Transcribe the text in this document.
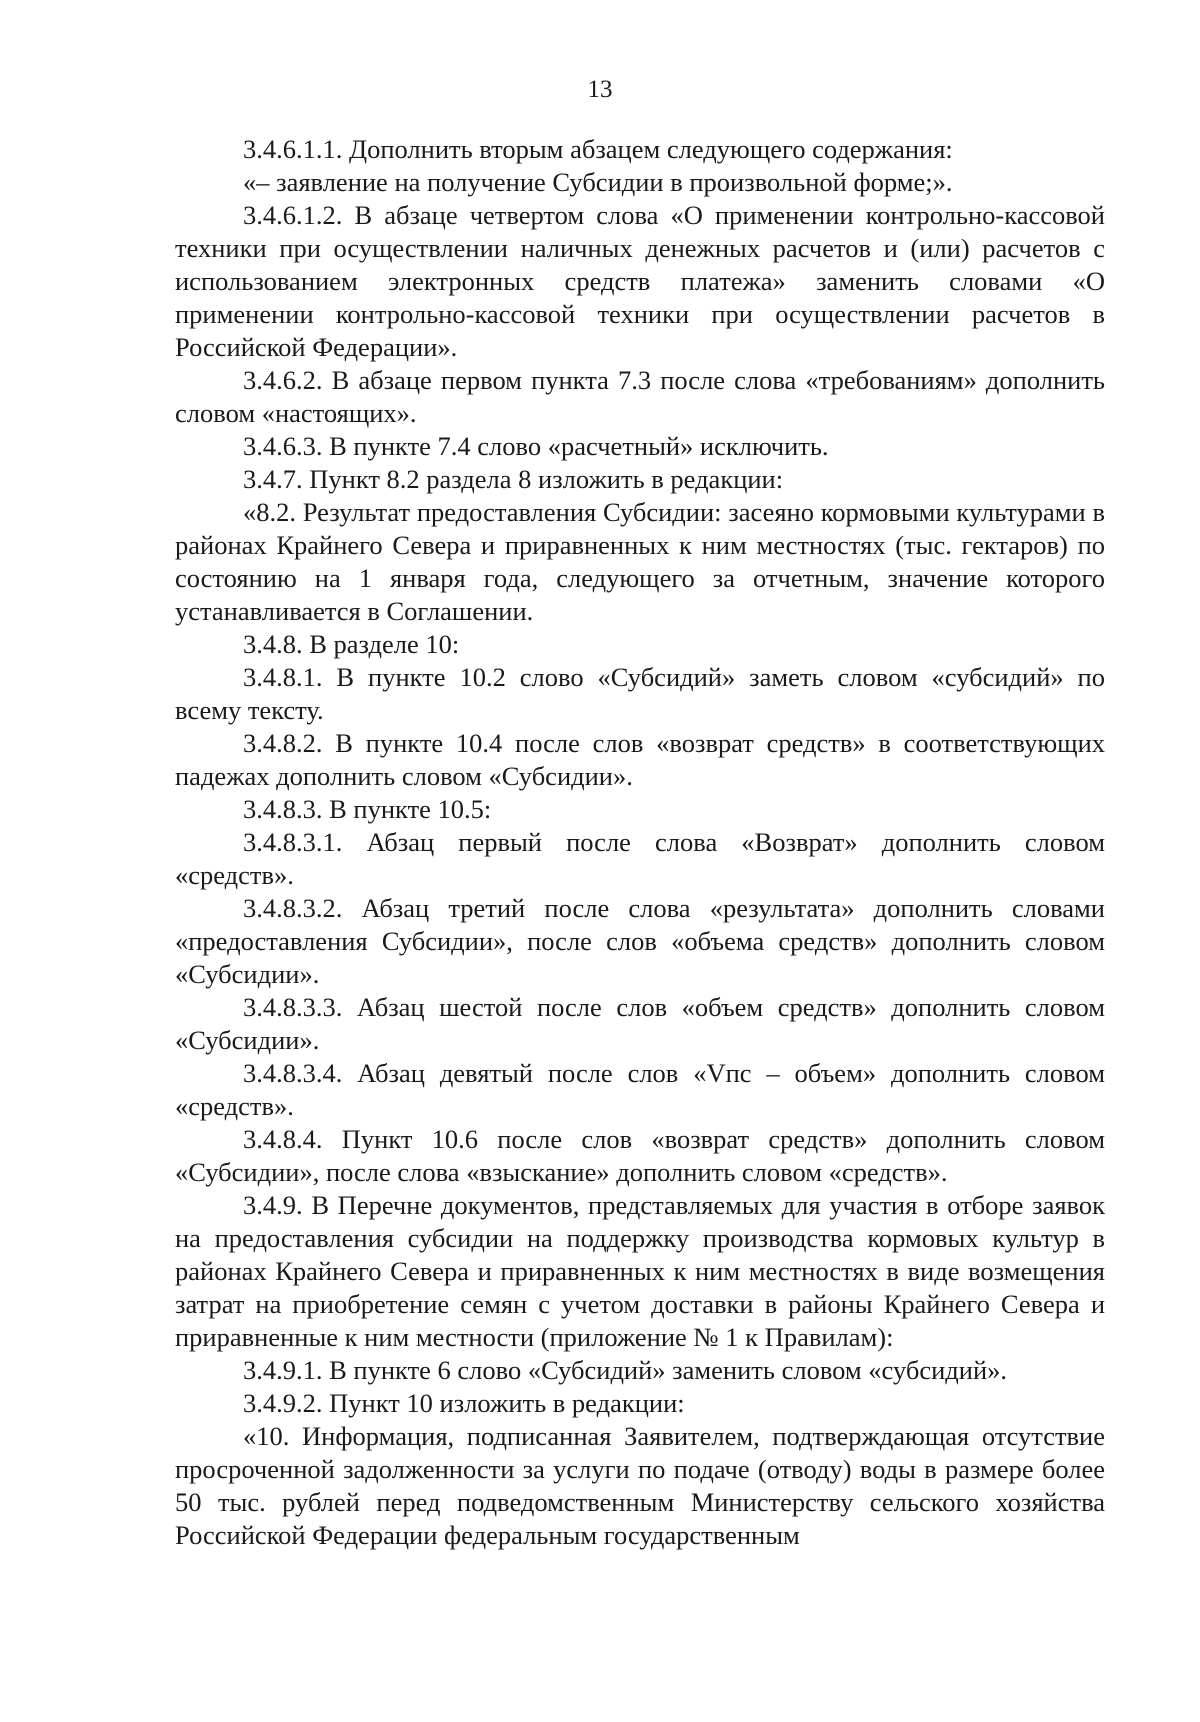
13

3.4.6.1.1. Дополнить вторым абзацем следующего содержания:

«– заявление на получение Субсидии в произвольной форме;».

3.4.6.1.2. В абзаце четвертом слова «О применении контрольно-кассовой техники при осуществлении наличных денежных расчетов и (или) расчетов с использованием электронных средств платежа» заменить словами «О применении контрольно-кассовой техники при осуществлении расчетов в Российской Федерации».

3.4.6.2. В абзаце первом пункта 7.3 после слова «требованиям» дополнить словом «настоящих».

3.4.6.3. В пункте 7.4 слово «расчетный» исключить.

3.4.7. Пункт 8.2 раздела 8 изложить в редакции:

«8.2. Результат предоставления Субсидии: засеяно кормовыми культурами в районах Крайнего Севера и приравненных к ним местностях (тыс. гектаров) по состоянию на 1 января года, следующего за отчетным, значение которого устанавливается в Соглашении.

3.4.8. В разделе 10:

3.4.8.1. В пункте 10.2 слово «Субсидий» заметь словом «субсидий» по всему тексту.

3.4.8.2. В пункте 10.4 после слов «возврат средств» в соответствующих падежах дополнить словом «Субсидии».

3.4.8.3. В пункте 10.5:

3.4.8.3.1. Абзац первый после слова «Возврат» дополнить словом «средств».

3.4.8.3.2. Абзац третий после слова «результата» дополнить словами «предоставления Субсидии», после слов «объема средств» дополнить словом «Субсидии».

3.4.8.3.3. Абзац шестой после слов «объем средств» дополнить словом «Субсидии».

3.4.8.3.4. Абзац девятый после слов «Vпс – объем» дополнить словом «средств».

3.4.8.4. Пункт 10.6 после слов «возврат средств» дополнить словом «Субсидии», после слова «взыскание» дополнить словом «средств».

3.4.9. В Перечне документов, представляемых для участия в отборе заявок на предоставления субсидии на поддержку производства кормовых культур в районах Крайнего Севера и приравненных к ним местностях в виде возмещения затрат на приобретение семян с учетом доставки в районы Крайнего Севера и приравненные к ним местности (приложение № 1 к Правилам):

3.4.9.1. В пункте 6 слово «Субсидий» заменить словом «субсидий».

3.4.9.2. Пункт 10 изложить в редакции:

«10. Информация, подписанная Заявителем, подтверждающая отсутствие просроченной задолженности за услуги по подаче (отводу) воды в размере более 50 тыс. рублей перед подведомственным Министерству сельского хозяйства Российской Федерации федеральным государственным
